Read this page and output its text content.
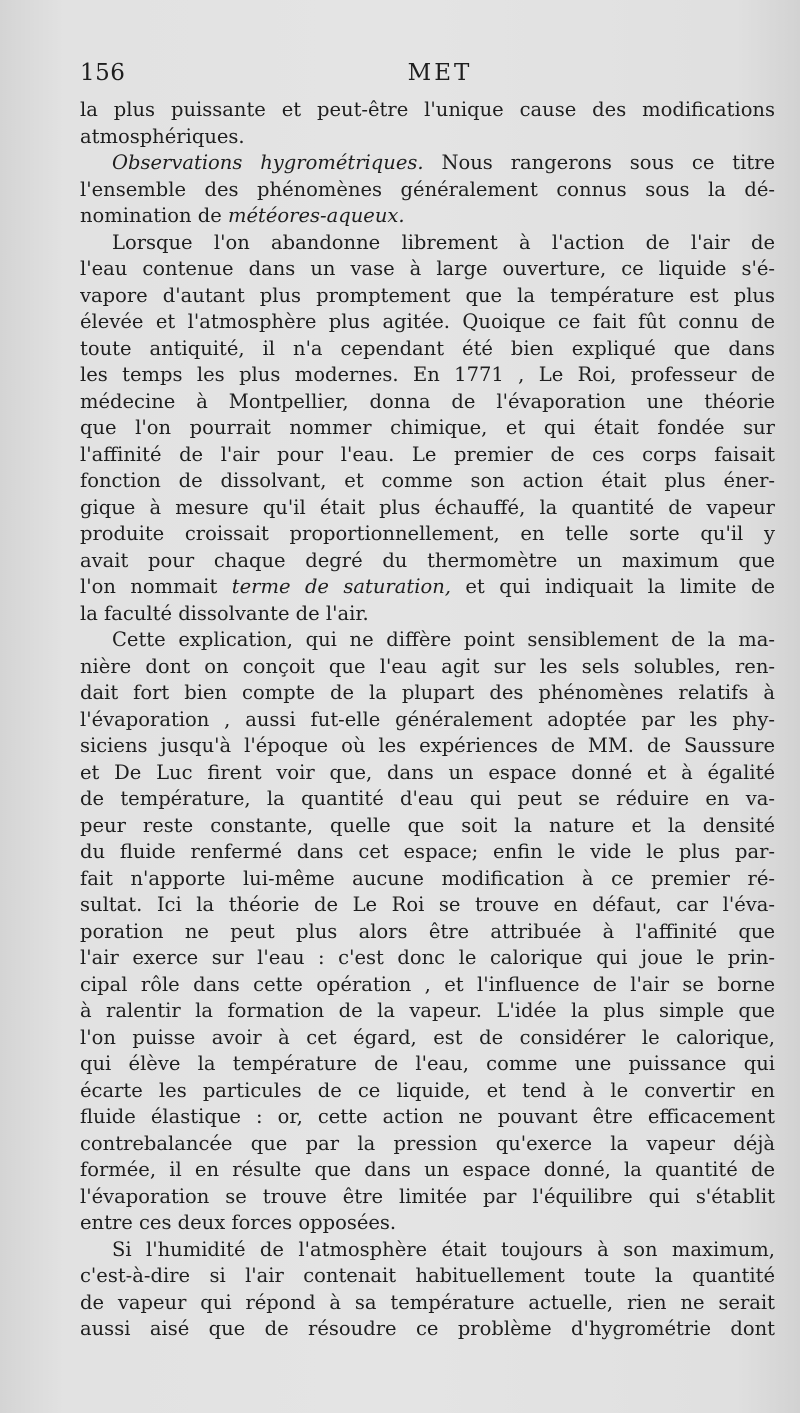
156	MET
la plus puissante et peut-être l'unique cause des modifications
atmosphériques.
Observations hygrométriques. Nous rangerons sous ce titre
l'ensemble des phénomènes généralement connus sous la dé-
nomination de météores-aqueux.
Lorsque l'on abandonne librement à l'action de l'air de
l'eau contenue dans un vase à large ouverture, ce liquide s'é-
vapore d'autant plus promptement que la température est plus
élevée et l'atmosphère plus agitée. Quoique ce fait fût connu de
toute antiquité, il n'a cependant été bien expliqué que dans
les temps les plus modernes. En 1771 , Le Roi, professeur de
médecine à Montpellier, donna de l'évaporation une théorie
que l'on pourrait nommer chimique, et qui était fondée sur
l'affinité de l'air pour l'eau. Le premier de ces corps faisait
fonction de dissolvant, et comme son action était plus éner-
gique à mesure qu'il était plus échauffé, la quantité de vapeur
produite croissait proportionnellement, en telle sorte qu'il y
avait pour chaque degré du thermomètre un maximum que
l'on nommait terme de saturation, et qui indiquait la limite de
la faculté dissolvante de l'air.
Cette explication, qui ne diffère point sensiblement de la ma-
nière dont on conçoit que l'eau agit sur les sels solubles, ren-
dait fort bien compte de la plupart des phénomènes relatifs à
l'évaporation , aussi fut-elle généralement adoptée par les phy-
siciens jusqu'à l'époque où les expériences de MM. de Saussure
et De Luc firent voir que, dans un espace donné et à égalité
de température, la quantité d'eau qui peut se réduire en va-
peur reste constante, quelle que soit la nature et la densité
du fluide renfermé dans cet espace; enfin le vide le plus par-
fait n'apporte lui-même aucune modification à ce premier ré-
sultat. Ici la théorie de Le Roi se trouve en défaut, car l'éva-
poration ne peut plus alors être attribuée à l'affinité que
l'air exerce sur l'eau : c'est donc le calorique qui joue le prin-
cipal rôle dans cette opération , et l'influence de l'air se borne
à ralentir la formation de la vapeur. L'idée la plus simple que
l'on puisse avoir à cet égard, est de considérer le calorique,
qui élève la température de l'eau, comme une puissance qui
écarte les particules de ce liquide, et tend à le convertir en
fluide élastique : or, cette action ne pouvant être efficacement
contrebalancée que par la pression qu'exerce la vapeur déjà
formée, il en résulte que dans un espace donné, la quantité de
l'évaporation se trouve être limitée par l'équilibre qui s'établit
entre ces deux forces opposées.
Si l'humidité de l'atmosphère était toujours à son maximum,
c'est-à-dire si l'air contenait habituellement toute la quantité
de vapeur qui répond à sa température actuelle, rien ne serait
aussi aisé que de résoudre ce problème d'hygrométrie dont
